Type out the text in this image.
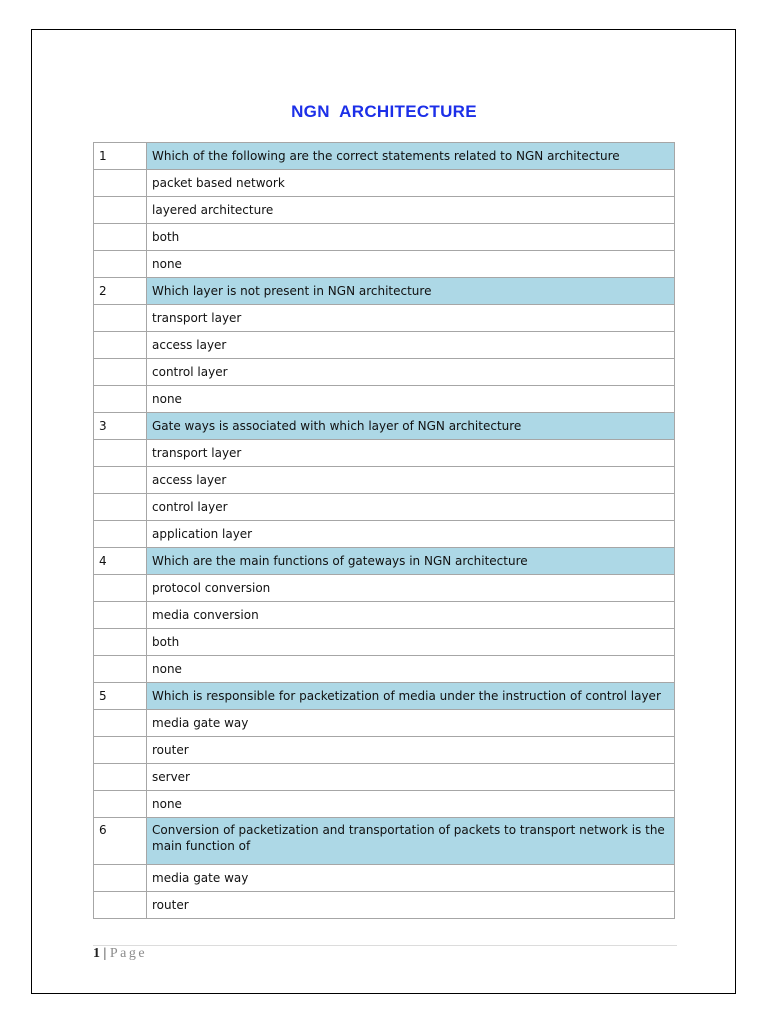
NGN  ARCHITECTURE
1	Which of the following are the correct statements related to NGN architecture
	packet based network
	layered architecture
	both
	none
2	Which layer is not present in NGN architecture
	transport layer
	access layer
	control layer
	none
3	Gate ways is associated with which layer of NGN architecture
	transport layer
	access layer
	control layer
	application layer
4	Which are the main functions of gateways in NGN architecture
	protocol conversion
	media conversion
	both
	none
5	Which is responsible for packetization of media under the instruction of control layer
	media gate way
	router
	server
	none
6	Conversion of packetization and transportation of packets to transport network is the main function of
	media gate way
	router
1 | Page
